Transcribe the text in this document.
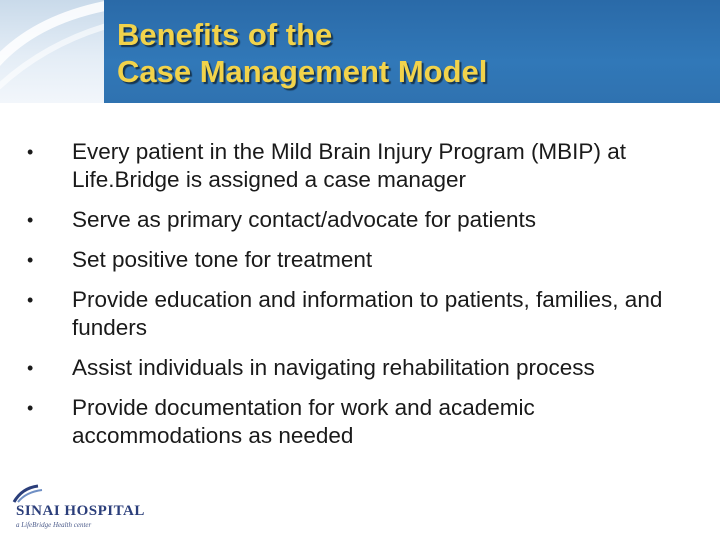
Benefits of the
Case Management Model
• Every patient in the Mild Brain Injury Program (MBIP) at Life.Bridge is assigned a case manager
• Serve as primary contact/advocate for patients
• Set positive tone for treatment
• Provide education and information to patients, families, and funders
• Assist individuals in navigating rehabilitation process
• Provide documentation for work and academic accommodations as needed
SINAI HOSPITAL
a LifeBridge Health center
